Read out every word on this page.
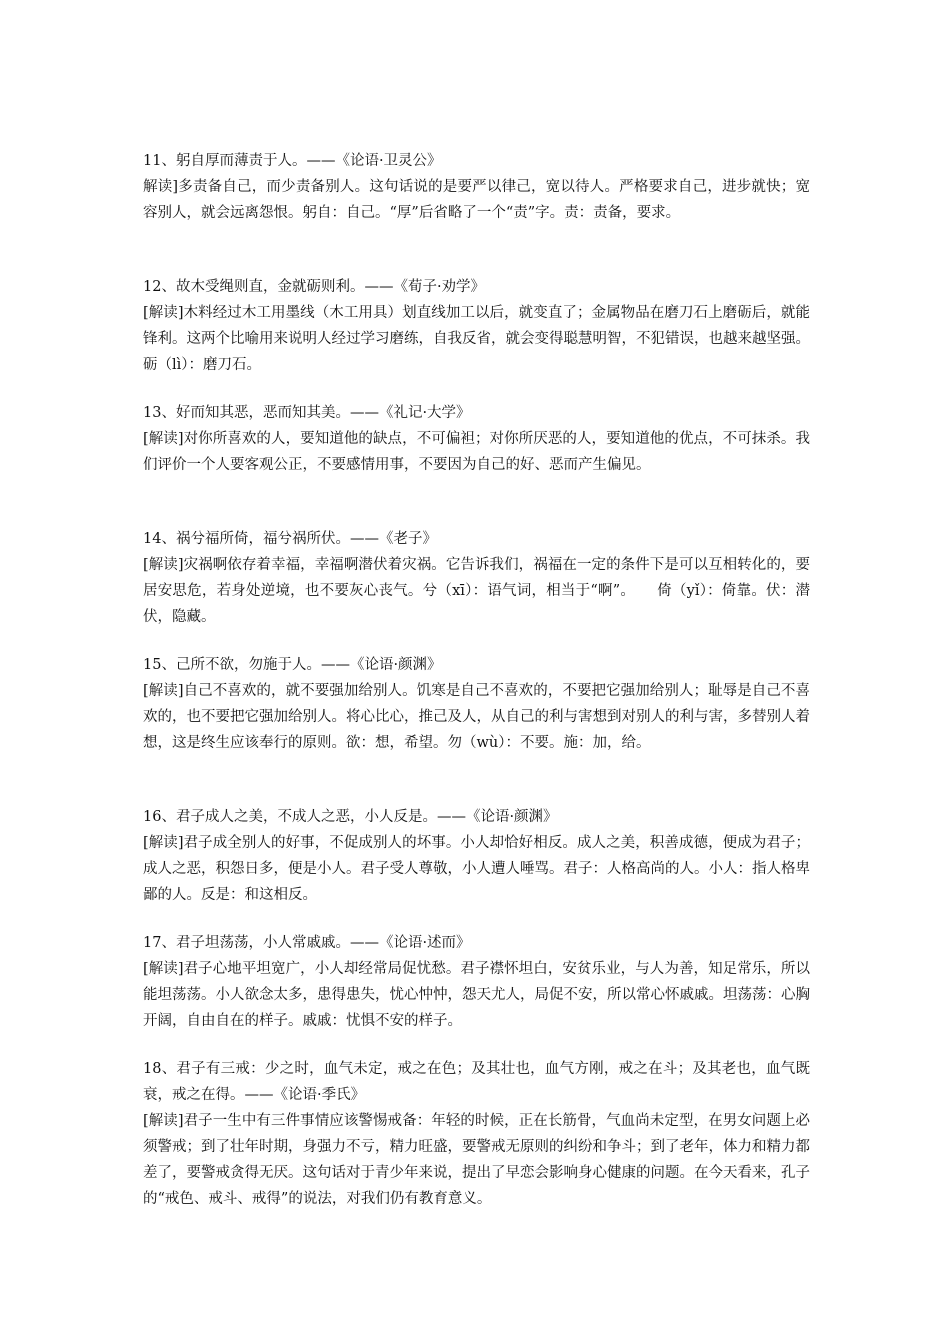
11、躬自厚而薄责于人。——《论语·卫灵公》

解读]多责备自己，而少责备别人。这句话说的是要严以律己，宽以待人。严格要求自己，进步就快；宽容别人，就会远离怨恨。躬自：自己。“厚”后省略了一个“责”字。责：责备，要求。

12、故木受绳则直，金就砺则利。——《荀子·劝学》

[解读]木料经过木工用墨线（木工用具）划直线加工以后，就变直了；金属物品在磨刀石上磨砺后，就能锋利。这两个比喻用来说明人经过学习磨练，自我反省，就会变得聪慧明智，不犯错误，也越来越坚强。砺（lì）：磨刀石。

13、好而知其恶，恶而知其美。——《礼记·大学》

[解读]对你所喜欢的人，要知道他的缺点，不可偏袒；对你所厌恶的人，要知道他的优点，不可抹杀。我们评价一个人要客观公正，不要感情用事，不要因为自己的好、恶而产生偏见。

14、祸兮福所倚，福兮祸所伏。——《老子》

[解读]灾祸啊依存着幸福，幸福啊潜伏着灾祸。它告诉我们，祸福在一定的条件下是可以互相转化的，要居安思危，若身处逆境，也不要灰心丧气。兮（xī）：语气词，相当于“啊”。　　倚（yǐ）：倚靠。伏：潜伏，隐藏。

15、己所不欲，勿施于人。——《论语·颜渊》

[解读]自己不喜欢的，就不要强加给别人。饥寒是自己不喜欢的，不要把它强加给别人；耻辱是自己不喜欢的，也不要把它强加给别人。将心比心，推己及人，从自己的利与害想到对别人的利与害，多替别人着想，这是终生应该奉行的原则。欲：想，希望。勿（wù）：不要。施：加，给。

16、君子成人之美，不成人之恶，小人反是。——《论语·颜渊》

[解读]君子成全别人的好事，不促成别人的坏事。小人却恰好相反。成人之美，积善成德，便成为君子；成人之恶，积怨日多，便是小人。君子受人尊敬，小人遭人唾骂。君子：人格高尚的人。小人：指人格卑鄙的人。反是：和这相反。

17、君子坦荡荡，小人常戚戚。——《论语·述而》

[解读]君子心地平坦宽广，小人却经常局促忧愁。君子襟怀坦白，安贫乐业，与人为善，知足常乐，所以能坦荡荡。小人欲念太多，患得患失，忧心忡忡，怨天尤人，局促不安，所以常心怀戚戚。坦荡荡：心胸开阔，自由自在的样子。戚戚：忧惧不安的样子。

18、君子有三戒：少之时，血气未定，戒之在色；及其壮也，血气方刚，戒之在斗；及其老也，血气既衰，戒之在得。——《论语·季氏》

[解读]君子一生中有三件事情应该警惕戒备：年轻的时候，正在长筋骨，气血尚未定型，在男女问题上必须警戒；到了壮年时期，身强力不亏，精力旺盛，要警戒无原则的纠纷和争斗；到了老年，体力和精力都差了，要警戒贪得无厌。这句话对于青少年来说，提出了早恋会影响身心健康的问题。在今天看来，孔子的“戒色、戒斗、戒得”的说法，对我们仍有教育意义。
